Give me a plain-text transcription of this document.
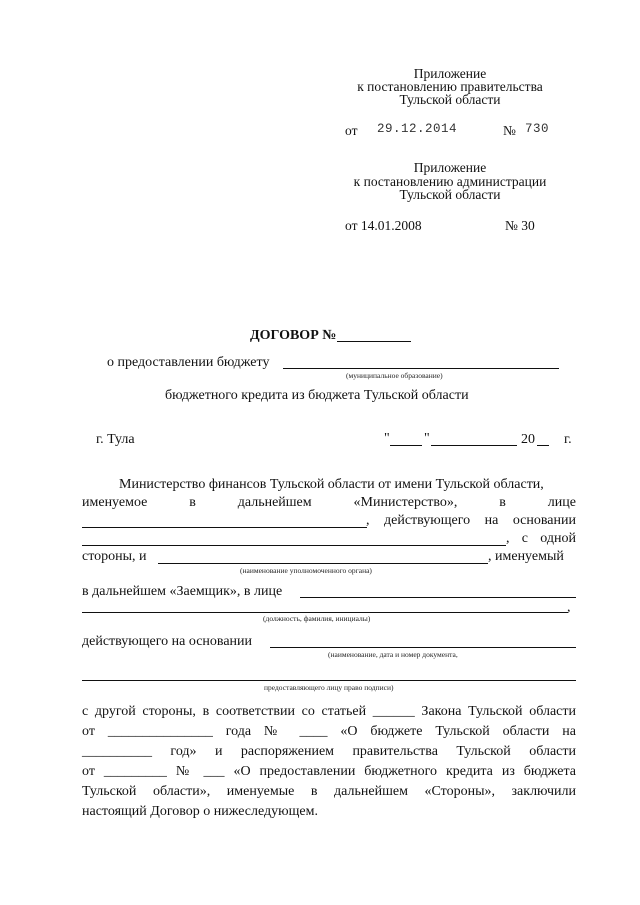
Приложение
к постановлению правительства
Тульской области
от 29.12.2014	№ 730
Приложение
к постановлению администрации
Тульской области
от 14.01.2008	№ 30
ДОГОВОР №
о предоставлении бюджету
(муниципальное образование)
бюджетного кредита из бюджета Тульской области
г. Тула	" "	20 г.
Министерство финансов Тульской области от имени Тульской области,
именуемое	в	дальнейшем	«Министерство»,	в	лице
, действующего на основании
, с одной
стороны, и	, именуемый
(наименование уполномоченного органа)
в дальнейшем «Заемщик», в лице
,
(должность, фамилия, инициалы)
действующего на основании
(наименование, дата и номер документа,
предоставляющего лицу право подписи)
с другой стороны, в соответствии со статьей ______ Закона Тульской области
от _______________ года № ____ «О бюджете Тульской области на
__________ год» и распоряжением правительства Тульской области
от _________ № ___ «О предоставлении бюджетного кредита из бюджета
Тульской области», именуемые в дальнейшем «Стороны», заключили
настоящий Договор о нижеследующем.
